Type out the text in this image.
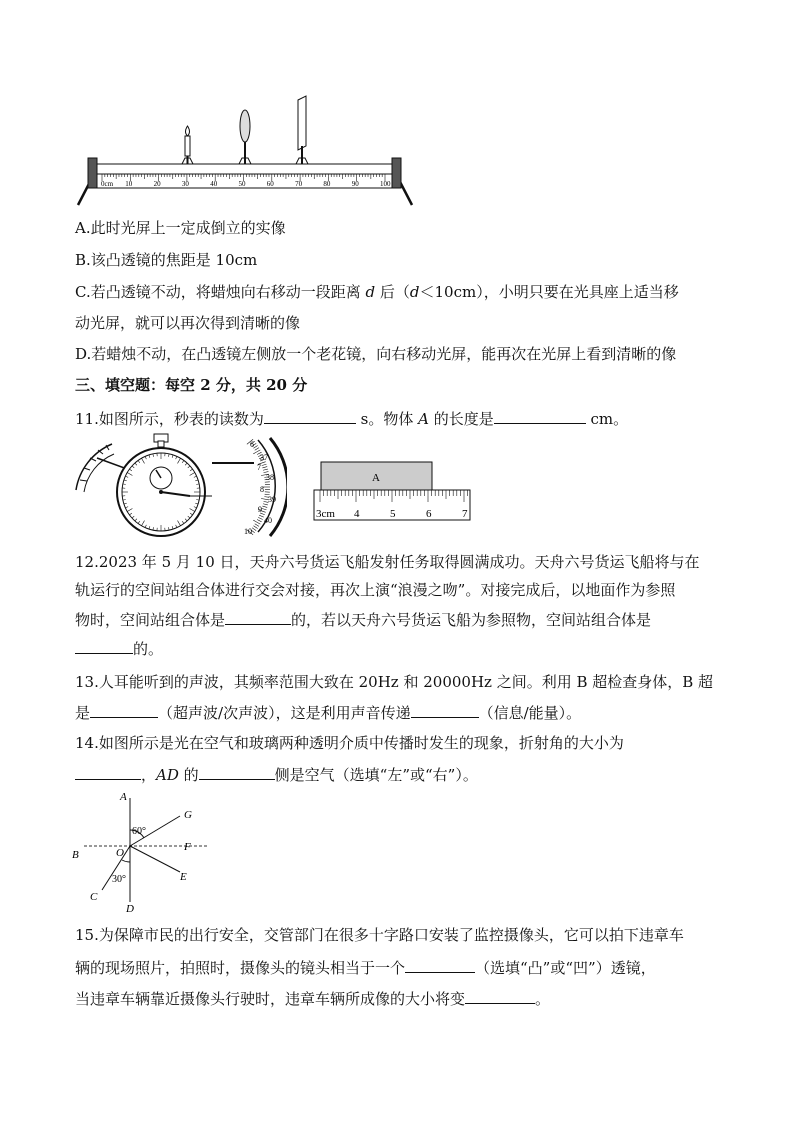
0cm 10	20	30	40	50	60	70	80	90	100
A.此时光屏上一定成倒立的实像
B.该凸透镜的焦距是 10cm
C.若凸透镜不动，将蜡烛向右移动一段距离 d 后（d＜10cm），小明只要在光具座上适当移
动光屏，就可以再次得到清晰的像
D.若蜡烛不动，在凸透镜左侧放一个老花镜，向右移动光屏，能再次在光屏上看到清晰的像
三、填空题：每空 2 分，共 20 分
11.如图所示，秒表的读数为	s。物体 A 的长度是	cm。
6
37
7
38
8
39
9
40
10
A
3cm 4	5	6	7
12.2023 年 5 月 10 日，天舟六号货运飞船发射任务取得圆满成功。天舟六号货运飞船将与在
轨运行的空间站组合体进行交会对接，再次上演“浪漫之吻”。对接完成后，以地面作为参照
物时，空间站组合体是	的，若以天舟六号货运飞船为参照物，空间站组合体是
的。
13.人耳能听到的声波，其频率范围大致在 20Hz 和 20000Hz 之间。利用 B 超检查身体，B 超
是	（超声波/次声波），这是利用声音传递	（信息/能量）。
14.如图所示是光在空气和玻璃两种透明介质中传播时发生的现象，折射角的大小为
，AD 的	侧是空气（选填“左”或“右”）。
A
G
B
F
E
C
D
O
60°
30°
15.为保障市民的出行安全，交管部门在很多十字路口安装了监控摄像头，它可以拍下违章车
辆的现场照片，拍照时，摄像头的镜头相当于一个	（选填“凸”或“凹”）透镜，
当违章车辆靠近摄像头行驶时，违章车辆所成像的大小将变	。
